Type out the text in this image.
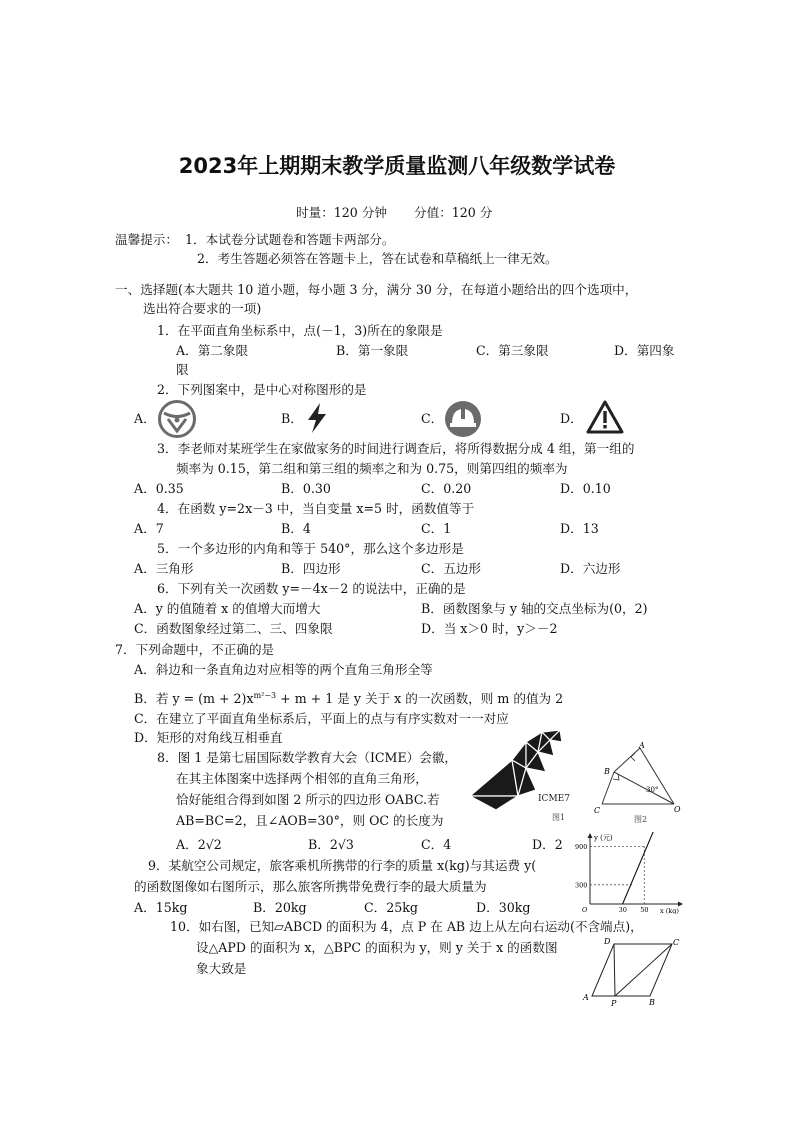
2023年上期期末教学质量监测八年级数学试卷
时量：120 分钟 分值：120 分
温馨提示： 1．本试卷分试题卷和答题卡两部分。
2．考生答题必须答在答题卡上，答在试卷和草稿纸上一律无效。
一、选择题(本大题共 10 道小题，每小题 3 分，满分 30 分，在每道小题给出的四个选项中，
选出符合要求的一项)
1．在平面直角坐标系中，点(－1，3)所在的象限是
A．第二象限	B．第一象限	C．第三象限	D．第四象
限
2．下列图案中，是中心对称图形的是
A．	B．	C．	D．
3．李老师对某班学生在家做家务的时间进行调查后，将所得数据分成 4 组，第一组的
频率为 0.15，第二组和第三组的频率之和为 0.75，则第四组的频率为
A．0.35	B．0.30	C．0.20	D．0.10
4．在函数 y=2x－3 中，当自变量 x=5 时，函数值等于
A．7	B．4	C．1	D．13
5．一个多边形的内角和等于 540°，那么这个多边形是
A．三角形	B．四边形	C．五边形	D．六边形
6．下列有关一次函数 y=－4x－2 的说法中，正确的是
A．y 的值随着 x 的值增大而增大	B．函数图象与 y 轴的交点坐标为(0，2)
C．函数图象经过第二、三、四象限	D．当 x＞0 时，y＞－2
7．下列命题中，不正确的是
A．斜边和一条直角边对应相等的两个直角三角形全等
B．若 $y = (m + 2)x^{m^2-3} + m + 1$ 是 y 关于 x 的一次函数，则 m 的值为 2
C．在建立了平面直角坐标系后，平面上的点与有序实数对一一对应
D．矩形的对角线互相垂直
8．图 1 是第七届国际数学教育大会（ICME）会徽，
在其主体图案中选择两个相邻的直角三角形，
恰好能组合得到如图 2 所示的四边形 OABC.若
AB=BC=2，且∠AOB=30°，则 OC 的长度为
A．2√2	B．2√3	C．4	D．2
ICME7
图1
A
B
C	O
30°
图2
9．某航空公司规定，旅客乘机所携带的行李的质量 x(kg)与其运费 y(
的函数图像如右图所示，那么旅客所携带免费行李的最大质量为
A．15kg	B．20kg	C．25kg	D．30kg
y (元)
x (kg)
900
300
30 50
O
10．如右图，已知▱ABCD 的面积为 4，点 P 在 AB 边上从左向右运动(不含端点)，
设△APD 的面积为 x，△BPC 的面积为 y，则 y 关于 x 的函数图
象大致是
A
B
C
D
P
